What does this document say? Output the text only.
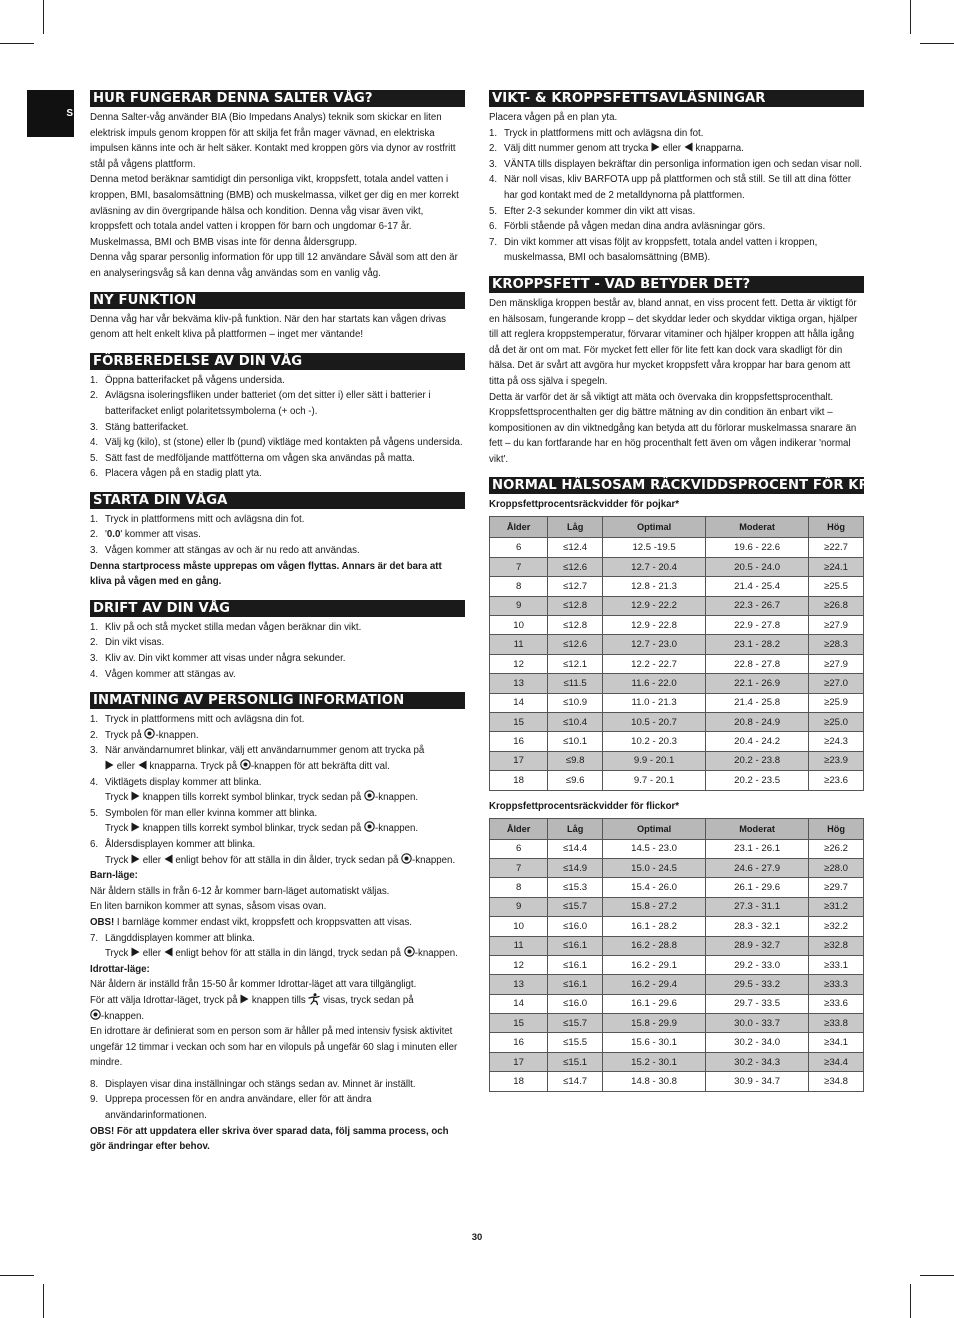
S
HUR FUNGERAR DENNA SALTER VÅG?

Denna Salter-våg använder BIA (Bio Impedans Analys) teknik som skickar en liten elektrisk impuls genom kroppen för att skilja fet från mager vävnad, en elektriska impulsen känns inte och är helt säker. Kontakt med kroppen görs via dynor av rostfritt stål på vågens plattform.

Denna metod beräknar samtidigt din personliga vikt, kroppsfett, totala andel vatten i kroppen, BMI, basalomsättning (BMB) och muskelmassa, vilket ger dig en mer korrekt avläsning av din övergripande hälsa och kondition. Denna våg visar även vikt, kroppsfett och totala andel vatten i kroppen för barn och ungdomar 6-17 år. Muskelmassa, BMI och BMB visas inte för denna åldersgrupp.

Denna våg sparar personlig information för upp till 12 användare Såväl som att den är en analyseringsvåg så kan denna våg användas som en vanlig våg.

NY FUNKTION

Denna våg har vår bekväma kliv-på funktion. När den har startats kan vågen drivas genom att helt enkelt kliva på plattformen – inget mer väntande!

FÖRBEREDELSE AV DIN VÅG
1. Öppna batterifacket på vågens undersida.
2. Avlägsna isoleringsfliken under batteriet (om det sitter i) eller sätt i batterier i batterifacket enligt polaritetssymbolerna (+ och -).
3. Stäng batterifacket.
4. Välj kg (kilo), st (stone) eller lb (pund) viktläge med kontakten på vågens undersida.
5. Sätt fast de medföljande mattfötterna om vågen ska användas på matta.
6. Placera vågen på en stadig platt yta.
STARTA DIN VÅGA
1. Tryck in plattformens mitt och avlägsna din fot.
2. '0.0' kommer att visas.
3. Vågen kommer att stängas av och är nu redo att användas.

Denna startprocess måste upprepas om vågen flyttas. Annars är det bara att kliva på vågen med en gång.

DRIFT AV DIN VÅG
1. Kliv på och stå mycket stilla medan vågen beräknar din vikt.
2. Din vikt visas.
3. Kliv av. Din vikt kommer att visas under några sekunder.
4. Vågen kommer att stängas av.
INMATNING AV PERSONLIG INFORMATION
1. Tryck in plattformens mitt och avlägsna din fot.
2. Tryck på -knappen.
3. När användarnumret blinkar, välj ett användarnummer genom att trycka på
eller  knapparna. Tryck på -knappen för att bekräfta ditt val.
4. Viktlägets display kommer att blinka.
Tryck  knappen tills korrekt symbol blinkar, tryck sedan på -knappen.
5. Symbolen för man eller kvinna kommer att blinka.
Tryck  knappen tills korrekt symbol blinkar, tryck sedan på -knappen.
6. Åldersdisplayen kommer att blinka.
Tryck  eller  enligt behov för att ställa in din ålder, tryck sedan på -knappen.

Barn-läge:

När åldern ställs in från 6-12 år kommer barn-läget automatiskt väljas.

En liten barnikon kommer att synas, såsom visas ovan.

OBS! I barnläge kommer endast vikt, kroppsfett och kroppsvatten att visas.

7. Längddisplayen kommer att blinka.
Tryck  eller  enligt behov för att ställa in din längd, tryck sedan på -knappen.

Idrottar-läge:

När åldern är inställd från 15-50 år kommer Idrottar-läget att vara tillgängligt.

För att välja Idrottar-läget, tryck på  knappen tills  visas, tryck sedan på

-knappen.

En idrottare är definierat som en person som är håller på med intensiv fysisk aktivitet ungefär 12 timmar i veckan och som har en vilopuls på ungefär 60 slag i minuten eller mindre.

8. Displayen visar dina inställningar och stängs sedan av. Minnet är inställt.
9. Upprepa processen för en andra användare, eller för att ändra användarinformationen.

OBS! För att uppdatera eller skriva över sparad data, följ samma process, och gör ändringar efter behov.

VIKT- & KROPPSFETTSAVLÄSNINGAR

Placera vågen på en plan yta.

1. Tryck in plattformens mitt och avlägsna din fot.
2. Välj ditt nummer genom att trycka  eller  knapparna.
3. VÄNTA tills displayen bekräftar din personliga information igen och sedan visar noll.
4. När noll visas, kliv BARFOTA upp på plattformen och stå still. Se till att dina fötter har god kontakt med de 2 metalldynorna på plattformen.
5. Efter 2-3 sekunder kommer din vikt att visas.
6. Förbli stående på vågen medan dina andra avläsningar görs.
7. Din vikt kommer att visas följt av kroppsfett, totala andel vatten i kroppen, muskelmassa, BMI och basalomsättning (BMB).
KROPPSFETT - VAD BETYDER DET?

Den mänskliga kroppen består av, bland annat, en viss procent fett. Detta är viktigt för en hälsosam, fungerande kropp – det skyddar leder och skyddar viktiga organ, hjälper till att reglera kroppstemperatur, förvarar vitaminer och hjälper kroppen att hålla igång då det är ont om mat. För mycket fett eller för lite fett kan dock vara skadligt för din hälsa. Det är svårt att avgöra hur mycket kroppsfett våra kroppar har bara genom att titta på oss själva i spegeln.

Detta är varför det är så viktigt att mäta och övervaka din kroppsfettsprocenthalt. Kroppsfettsprocenthalten ger dig bättre mätning av din condition än enbart vikt – kompositionen av din viktnedgång kan betyda att du förlorar muskelmassa snarare än fett – du kan fortfarande har en hög procenthalt fett även om vågen indikerar 'normal vikt'.

NORMAL HÄLSOSAM RÄCKVIDDSPROCENT FÖR KROPPSFETT
Kroppsfettprocentsräckvidder för pojkar*
Ålder	Låg	Optimal	Moderat	Hög
6	≤12.4	12.5 -19.5	19.6 - 22.6	≥22.7
7	≤12.6	12.7 - 20.4	20.5 - 24.0	≥24.1
8	≤12.7	12.8 - 21.3	21.4 - 25.4	≥25.5
9	≤12.8	12.9 - 22.2	22.3 - 26.7	≥26.8
10	≤12.8	12.9 - 22.8	22.9 - 27.8	≥27.9
11	≤12.6	12.7 - 23.0	23.1 - 28.2	≥28.3
12	≤12.1	12.2 - 22.7	22.8 - 27.8	≥27.9
13	≤11.5	11.6 - 22.0	22.1 - 26.9	≥27.0
14	≤10.9	11.0 - 21.3	21.4 - 25.8	≥25.9
15	≤10.4	10.5 - 20.7	20.8 - 24.9	≥25.0
16	≤10.1	10.2 - 20.3	20.4 - 24.2	≥24.3
17	≤9.8	9.9 - 20.1	20.2 - 23.8	≥23.9
18	≤9.6	9.7 - 20.1	20.2 - 23.5	≥23.6
Kroppsfettprocentsräckvidder för flickor*
Ålder	Låg	Optimal	Moderat	Hög
6	≤14.4	14.5 - 23.0	23.1 - 26.1	≥26.2
7	≤14.9	15.0 - 24.5	24.6 - 27.9	≥28.0
8	≤15.3	15.4 - 26.0	26.1 - 29.6	≥29.7
9	≤15.7	15.8 - 27.2	27.3 - 31.1	≥31.2
10	≤16.0	16.1 - 28.2	28.3 - 32.1	≥32.2
11	≤16.1	16.2 - 28.8	28.9 - 32.7	≥32.8
12	≤16.1	16.2 - 29.1	29.2 - 33.0	≥33.1
13	≤16.1	16.2 - 29.4	29.5 - 33.2	≥33.3
14	≤16.0	16.1 - 29.6	29.7 - 33.5	≥33.6
15	≤15.7	15.8 - 29.9	30.0 - 33.7	≥33.8
16	≤15.5	15.6 - 30.1	30.2 - 34.0	≥34.1
17	≤15.1	15.2 - 30.1	30.2 - 34.3	≥34.4
18	≤14.7	14.8 - 30.8	30.9 - 34.7	≥34.8
30
